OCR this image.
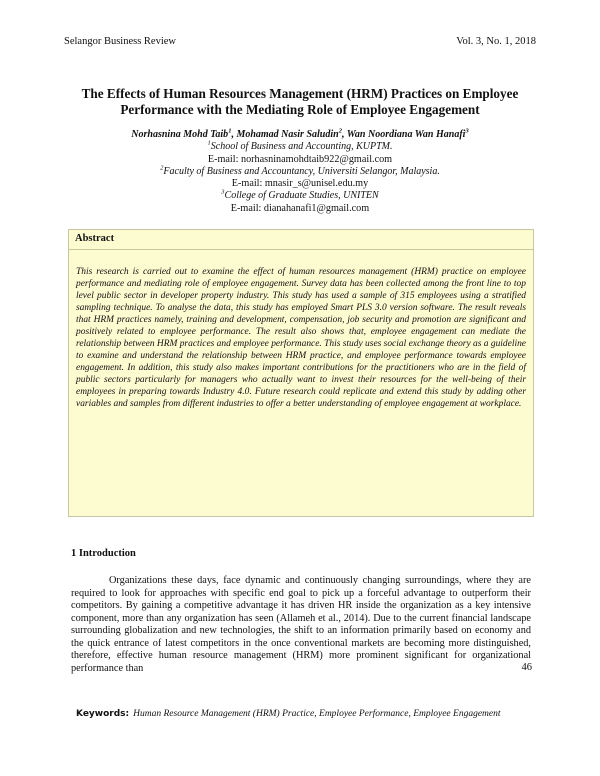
Selangor Business Review	Vol. 3, No. 1, 2018
The Effects of Human Resources Management (HRM) Practices on Employee
Performance with the Mediating Role of Employee Engagement
Norhasnina Mohd Taib$^1$, Mohamad Nasir Saludin$^2$, Wan Noordiana Wan Hanafi$^3$
$^1$School of Business and Accounting, KUPTM.
E-mail: norhasninamohdtaib922@gmail.com
$^2$Faculty of Business and Accountancy, Universiti Selangor, Malaysia.
E-mail: mnasir_s@unisel.edu.my
$^3$College of Graduate Studies, UNITEN
E-mail: dianahanafi1@gmail.com
Abstract
This research is carried out to examine the effect of human resources management (HRM) practice on employee performance and mediating role of employee engagement. Survey data has been collected among the front line to top level public sector in developer property industry. This study has used a sample of 315 employees using a stratified sampling technique. To analyse the data, this study has employed Smart PLS 3.0 version software. The result reveals that HRM practices namely, training and development, compensation, job security and promotion are significant and positively related to employee performance. The result also shows that, employee engagement can mediate the relationship between HRM practices and employee performance. This study uses social exchange theory as a guideline to examine and understand the relationship between HRM practice, and employee performance towards employee engagement. In addition, this study also makes important contributions for the practitioners who are in the field of public sectors particularly for managers who actually want to invest their resources for the well-being of their employees in preparing towards Industry 4.0. Future research could replicate and extend this study by adding other variables and samples from different industries to offer a better understanding of employee engagement at workplace.
Keywords: Human Resource Management (HRM) Practice, Employee Performance, Employee Engagement
1 Introduction
Organizations these days, face dynamic and continuously changing surroundings, where they are required to look for approaches with specific end goal to pick up a forceful advantage to outperform their competitors. By gaining a competitive advantage it has driven HR inside the organization as a key intensive component, more than any organization has seen (Allameh et al., 2014). Due to the current financial landscape surrounding globalization and new technologies, the shift to an information primarily based on economy and the quick entrance of latest competitors in the once conventional markets are becoming more distinguished, therefore, effective human resource management (HRM) more prominent significant for organizational performance than	46
